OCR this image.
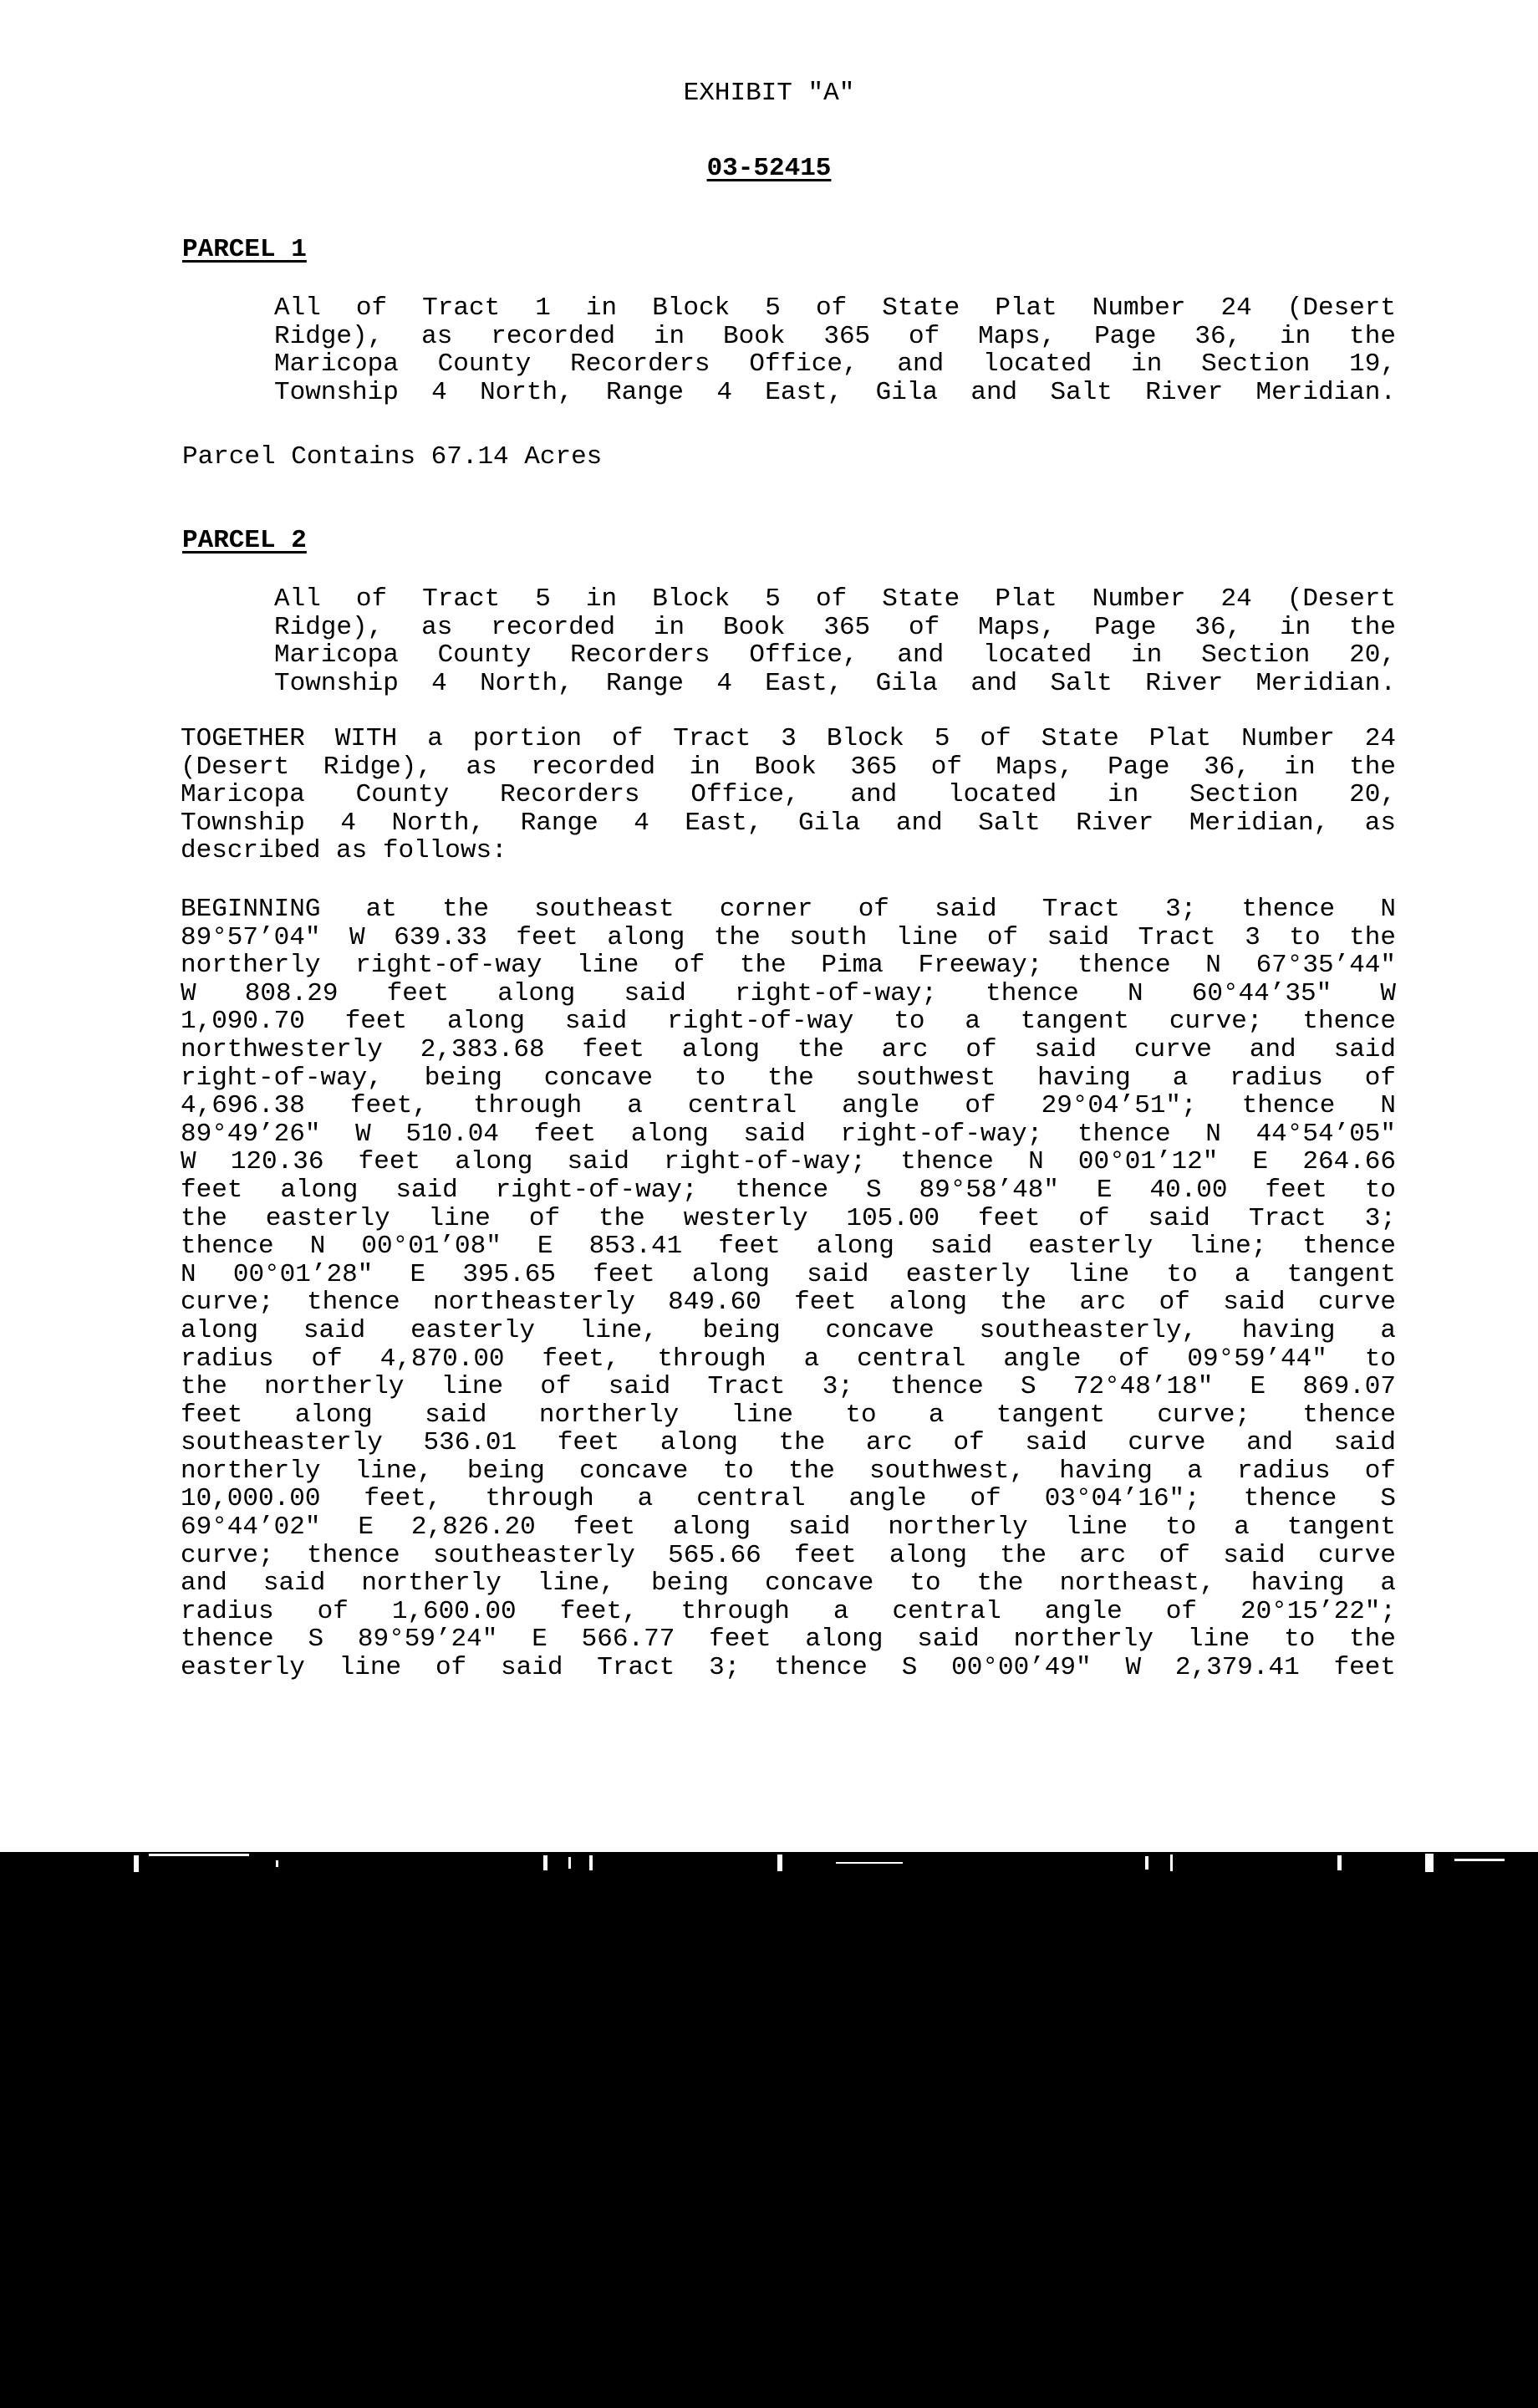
EXHIBIT "A"
03-52415
PARCEL 1
All of Tract 1 in Block 5 of State Plat Number 24 (Desert
Ridge), as recorded in Book 365 of Maps, Page 36, in the
Maricopa County Recorders Office, and located in Section 19,
Township 4 North, Range 4 East, Gila and Salt River Meridian.
Parcel Contains 67.14 Acres
PARCEL 2
All of Tract 5 in Block 5 of State Plat Number 24 (Desert
Ridge), as recorded in Book 365 of Maps, Page 36, in the
Maricopa County Recorders Office, and located in Section 20,
Township 4 North, Range 4 East, Gila and Salt River Meridian.
TOGETHER WITH a portion of Tract 3 Block 5 of State Plat Number 24
(Desert Ridge), as recorded in Book 365 of Maps, Page 36, in the
Maricopa County Recorders Office, and located in Section 20,
Township 4 North, Range 4 East, Gila and Salt River Meridian, as
described as follows:
BEGINNING at the southeast corner of said Tract 3; thence N
89°57’04" W 639.33 feet along the south line of said Tract 3 to the
northerly right-of-way line of the Pima Freeway; thence N 67°35’44"
W 808.29 feet along said right-of-way; thence N 60°44’35" W
1,090.70 feet along said right-of-way to a tangent curve; thence
northwesterly 2,383.68 feet along the arc of said curve and said
right-of-way, being concave to the southwest having a radius of
4,696.38 feet, through a central angle of 29°04’51"; thence N
89°49’26" W 510.04 feet along said right-of-way; thence N 44°54’05"
W 120.36 feet along said right-of-way; thence N 00°01’12" E 264.66
feet along said right-of-way; thence S 89°58’48" E 40.00 feet to
the easterly line of the westerly 105.00 feet of said Tract 3;
thence N 00°01’08" E 853.41 feet along said easterly line; thence
N 00°01’28" E 395.65 feet along said easterly line to a tangent
curve; thence northeasterly 849.60 feet along the arc of said curve
along said easterly line, being concave southeasterly, having a
radius of 4,870.00 feet, through a central angle of 09°59’44" to
the northerly line of said Tract 3; thence S 72°48’18" E 869.07
feet along said northerly line to a tangent curve; thence
southeasterly 536.01 feet along the arc of said curve and said
northerly line, being concave to the southwest, having a radius of
10,000.00 feet, through a central angle of 03°04’16"; thence S
69°44’02" E 2,826.20 feet along said northerly line to a tangent
curve; thence southeasterly 565.66 feet along the arc of said curve
and said northerly line, being concave to the northeast, having a
radius of 1,600.00 feet, through a central angle of 20°15’22";
thence S 89°59’24" E 566.77 feet along said northerly line to the
easterly line of said Tract 3; thence S 00°00’49" W 2,379.41 feet
